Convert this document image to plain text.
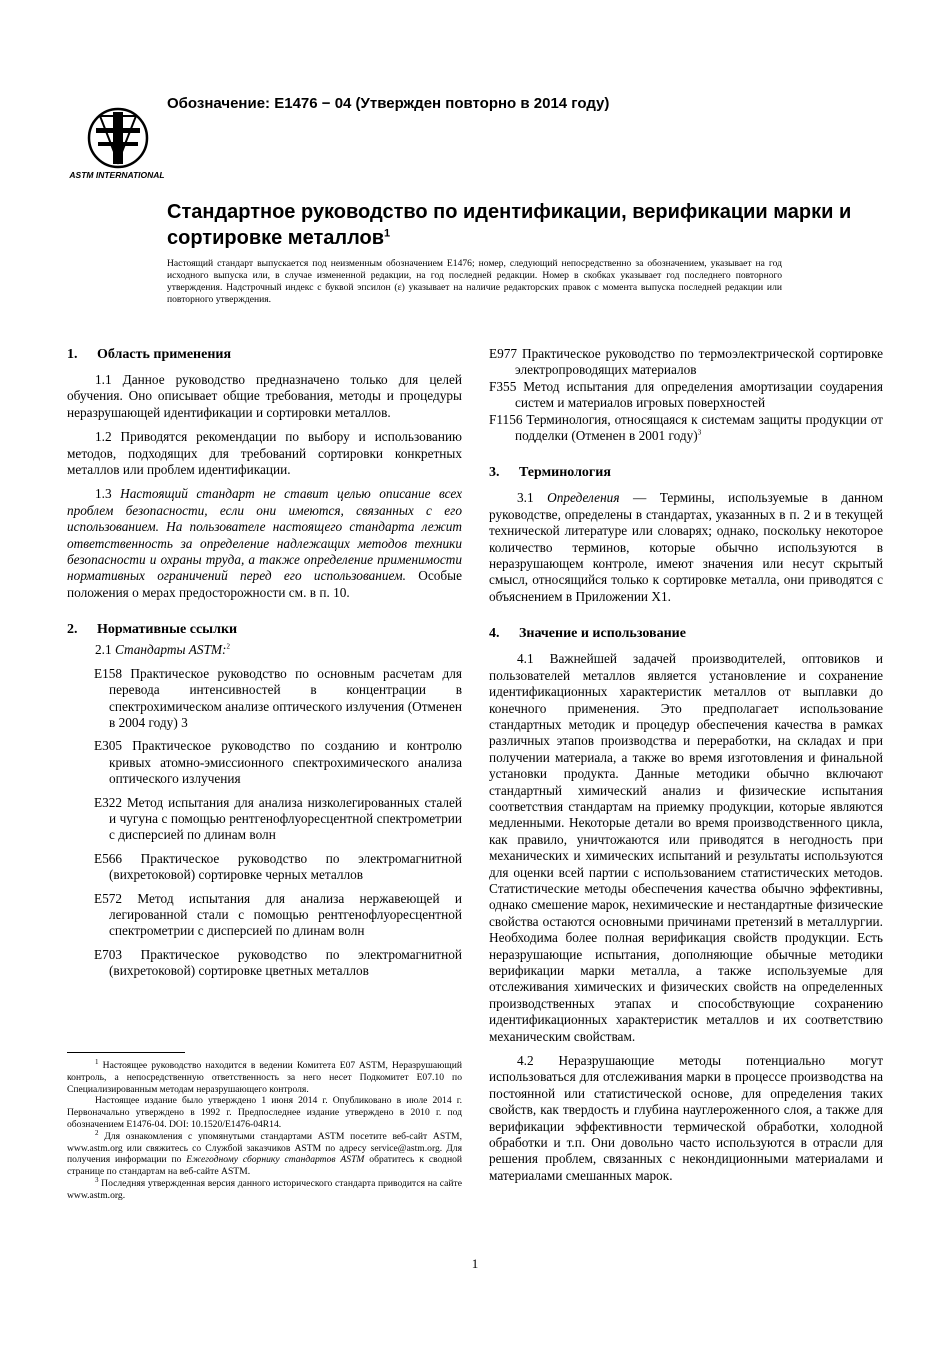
ASTM INTERNATIONAL
Обозначение: E1476 − 04 (Утвержден повторно в 2014 году)
Стандартное руководство по идентификации, верификации марки и сортировке металлов$^1$

Настоящий стандарт выпускается под неизменным обозначением E1476; номер, следующий непосредственно за обозначением, указывает на год исходного выпуска или, в случае измененной редакции, на год последней редакции. Номер в скобках указывает год последнего повторного утверждения. Надстрочный индекс с буквой эпсилон (ε) указывает на наличие редакторских правок с момента выпуска последней редакции или повторного утверждения.

1. Область применения

1.1 Данное руководство предназначено только для целей обучения. Оно описывает общие требования, методы и процедуры неразрушающей идентификации и сортировки металлов.

1.2 Приводятся рекомендации по выбору и использованию методов, подходящих для требований сортировки конкретных металлов или проблем идентификации.

1.3 Настоящий стандарт не ставит целью описание всех проблем безопасности, если они имеются, связанных с его использованием. На пользователе настоящего стандарта лежит ответственность за определение надлежащих методов техники безопасности и охраны труда, а также определение применимости нормативных ограничений перед его использованием. Особые положения о мерах предосторожности см. в п. 10.

2. Нормативные ссылки

2.1 Стандарты ASTM:$^2$

E158 Практическое руководство по основным расчетам для перевода интенсивностей в концентрации в спектрохимическом анализе оптического излучения (Отменен в 2004 году) 3

E305 Практическое руководство по созданию и контролю кривых атомно-эмиссионного спектрохимического анализа оптического излучения

E322 Метод испытания для анализа низколегированных сталей и чугуна с помощью рентгенофлуоресцентной спектрометрии с дисперсией по длинам волн

E566 Практическое руководство по электромагнитной (вихретоковой) сортировке черных металлов

E572 Метод испытания для анализа нержавеющей и легированной стали с помощью рентгенофлуоресцентной спектрометрии с дисперсией по длинам волн

E703 Практическое руководство по электромагнитной (вихретоковой) сортировке цветных металлов

$^1$ Настоящее руководство находится в ведении Комитета E07 ASTM, Неразрушающий контроль, а непосредственную ответственность за него несет Подкомитет E07.10 по Специализированным методам неразрушающего контроля.

Настоящее издание было утверждено 1 июня 2014 г. Опубликовано в июле 2014 г. Первоначально утверждено в 1992 г. Предпоследнее издание утверждено в 2010 г. под обозначением E1476-04. DOI: 10.1520/E1476-04R14.

$^2$ Для ознакомления с упомянутыми стандартами ASTM посетите веб-сайт ASTM, www.astm.org или свяжитесь со Службой заказчиков ASTM по адресу service@astm.org. Для получения информации по Ежегодному сборнику стандартов ASTM обратитесь к сводной странице по стандартам на веб-сайте ASTM.

$^3$ Последняя утвержденная версия данного исторического стандарта приводится на сайте www.astm.org.

E977 Практическое руководство по термоэлектрической сортировке электропроводящих материалов

F355 Метод испытания для определения амортизации соударения систем и материалов игровых поверхностей

F1156 Терминология, относящаяся к системам защиты продукции от подделки (Отменен в 2001 году)$^3$

3. Терминология

3.1 Определения — Термины, используемые в данном руководстве, определены в стандартах, указанных в п. 2 и в текущей технической литературе или словарях; однако, поскольку некоторое количество терминов, которые обычно используются в неразрушающем контроле, имеют значения или несут скрытый смысл, относящийся только к сортировке металла, они приводятся с объяснением в Приложении X1.

4. Значение и использование

4.1 Важнейшей задачей производителей, оптовиков и пользователей металлов является установление и сохранение идентификационных характеристик металлов от выплавки до конечного применения. Это предполагает использование стандартных методик и процедур обеспечения качества в рамках различных этапов производства и переработки, на складах и при получении материала, а также во время изготовления и финальной установки продукта. Данные методики обычно включают стандартный химический анализ и физические испытания соответствия стандартам на приемку продукции, которые являются медленными. Некоторые детали во время производственного цикла, как правило, уничтожаются или приводятся в негодность при механических и химических испытаний и результаты используются для оценки всей партии с использованием статистических методов. Статистические методы обеспечения качества обычно эффективны, однако смешение марок, нехимические и нестандартные физические свойства остаются основными причинами претензий в металлургии. Необходима более полная верификация свойств продукции. Есть неразрушающие испытания, дополняющие обычные методики верификации марки металла, а также используемые для отслеживания химических и физических свойств на определенных производственных этапах и способствующие сохранению идентификационных характеристик металлов и их соответствию механическим свойствам.

4.2 Неразрушающие методы потенциально могут использоваться для отслеживания марки в процессе производства на постоянной или статистической основе, для определения таких свойств, как твердость и глубина науглероженного слоя, а также для верификации эффективности термической обработки, холодной обработки и т.п. Они довольно часто используются в отрасли для решения проблем, связанных с некондиционными материалами и материалами смешанных марок.

1
